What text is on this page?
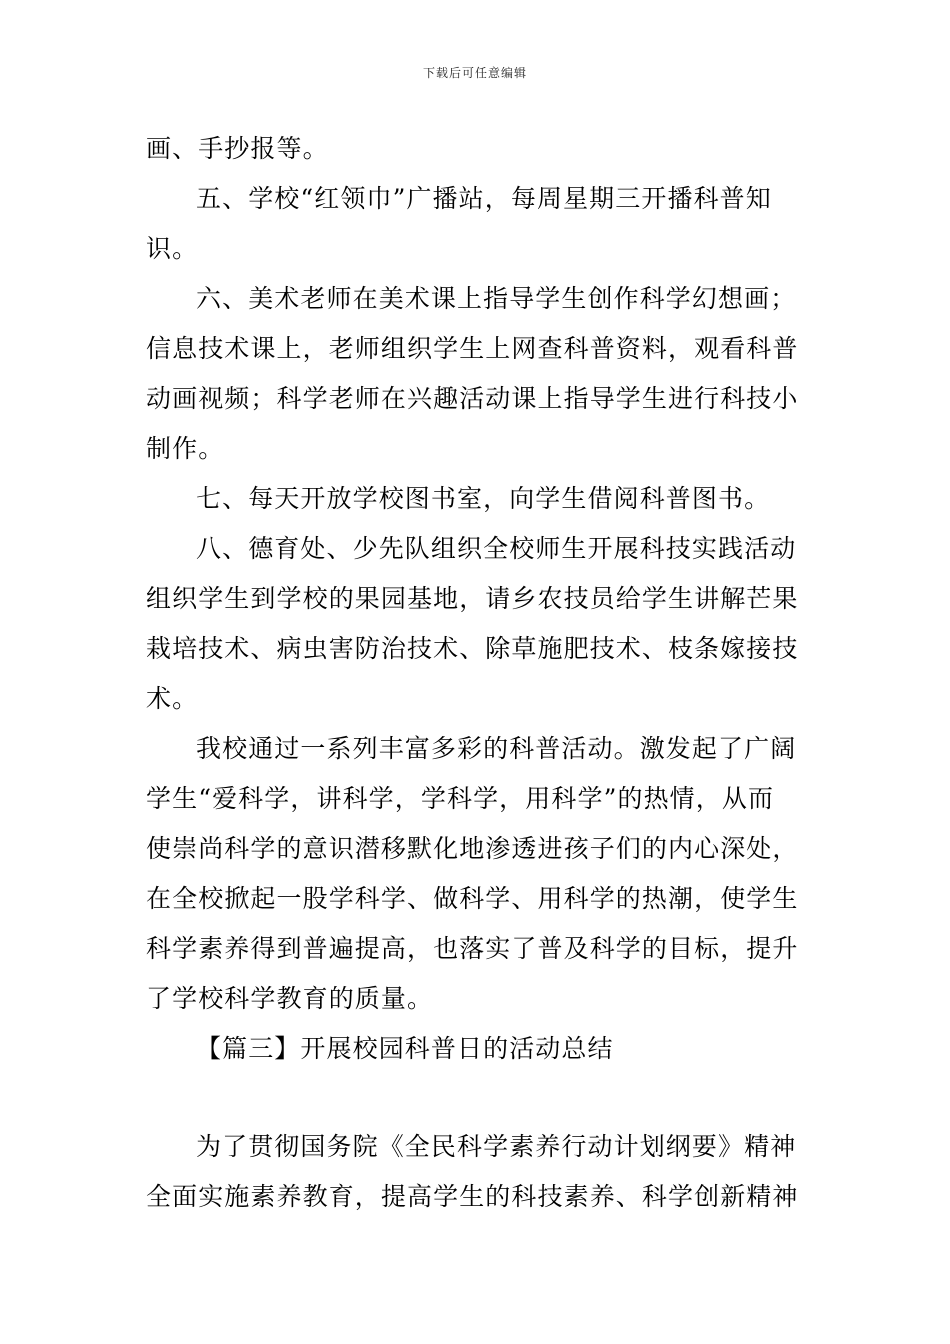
下载后可任意编辑
画、手抄报等。
五、学校“红领巾”广播站，每周星期三开播科普知
识。
六、美术老师在美术课上指导学生创作科学幻想画；
信息技术课上，老师组织学生上网查科普资料，观看科普
动画视频；科学老师在兴趣活动课上指导学生进行科技小
制作。
七、每天开放学校图书室，向学生借阅科普图书。
八、德育处、少先队组织全校师生开展科技实践活动
组织学生到学校的果园基地，请乡农技员给学生讲解芒果
栽培技术、病虫害防治技术、除草施肥技术、枝条嫁接技
术。
我校通过一系列丰富多彩的科普活动。激发起了广阔
学生“爱科学，讲科学，学科学，用科学”的热情，从而
使崇尚科学的意识潜移默化地渗透进孩子们的内心深处，
在全校掀起一股学科学、做科学、用科学的热潮，使学生
科学素养得到普遍提高，也落实了普及科学的目标，提升
了学校科学教育的质量。
【篇三】开展校园科普日的活动总结
为了贯彻国务院《全民科学素养行动计划纲要》精神
全面实施素养教育，提高学生的科技素养、科学创新精神
